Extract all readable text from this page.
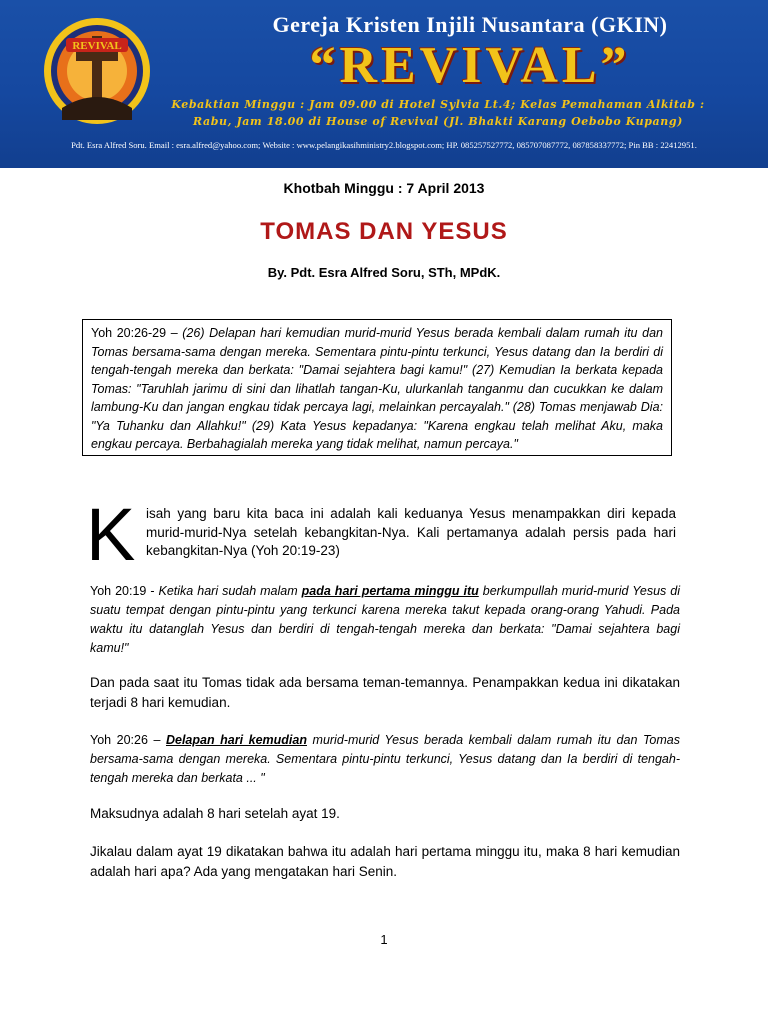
REVIVAL
Gereja Kristen Injili Nusantara (GKIN)
“REVIVAL”
Kebaktian Minggu : Jam 09.00 di Hotel Sylvia Lt.4; Kelas Pemahaman Alkitab :
Rabu, Jam 18.00 di House of Revival (Jl. Bhakti Karang Oebobo Kupang)
Pdt. Esra Alfred Soru. Email : esra.alfred@yahoo.com; Website : www.pelangikasihministry2.blogspot.com; HP. 085257527772, 085707087772, 087858337772; Pin BB : 22412951.
Khotbah Minggu : 7 April 2013
TOMAS DAN YESUS
By. Pdt. Esra Alfred Soru, STh, MPdK.
Yoh 20:26-29 – (26) Delapan hari kemudian murid-murid Yesus berada kembali dalam rumah itu dan Tomas bersama-sama dengan mereka. Sementara pintu-pintu terkunci, Yesus datang dan Ia berdiri di tengah-tengah mereka dan berkata: "Damai sejahtera bagi kamu!" (27) Kemudian Ia berkata kepada Tomas: "Taruhlah jarimu di sini dan lihatlah tangan-Ku, ulurkanlah tanganmu dan cucukkan ke dalam lambung-Ku dan jangan engkau tidak percaya lagi, melainkan percayalah." (28) Tomas menjawab Dia: "Ya Tuhanku dan Allahku!" (29) Kata Yesus kepadanya: "Karena engkau telah melihat Aku, maka engkau percaya. Berbahagialah mereka yang tidak melihat, namun percaya."
K isah yang baru kita baca ini adalah kali keduanya Yesus menampakkan diri kepada murid-murid-Nya setelah kebangkitan-Nya. Kali pertamanya adalah persis pada hari kebangkitan-Nya (Yoh 20:19-23)
Yoh 20:19 - Ketika hari sudah malam pada hari pertama minggu itu berkumpullah murid-murid Yesus di suatu tempat dengan pintu-pintu yang terkunci karena mereka takut kepada orang-orang Yahudi. Pada waktu itu datanglah Yesus dan berdiri di tengah-tengah mereka dan berkata: "Damai sejahtera bagi kamu!"
Dan pada saat itu Tomas tidak ada bersama teman-temannya. Penampakkan kedua ini dikatakan terjadi 8 hari kemudian.
Yoh 20:26 – Delapan hari kemudian murid-murid Yesus berada kembali dalam rumah itu dan Tomas bersama-sama dengan mereka. Sementara pintu-pintu terkunci, Yesus datang dan Ia berdiri di tengah-tengah mereka dan berkata ... "
Maksudnya adalah 8 hari setelah ayat 19.
Jikalau dalam ayat 19 dikatakan bahwa itu adalah hari pertama minggu itu, maka 8 hari kemudian adalah hari apa? Ada yang mengatakan hari Senin.
1
